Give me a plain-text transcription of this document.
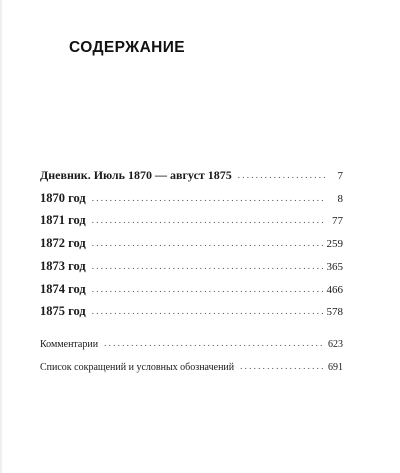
СОДЕРЖАНИЕ
Дневник. Июль 1870 — август 1875 . . .	7
1870 год . . .	8
1871 год . . .	77
1872 год . . .	259
1873 год . . .	365
1874 год . . .	466
1875 год . . .	578
Комментарии . . .	623
Список сокращений и условных обозначений . . .	691
